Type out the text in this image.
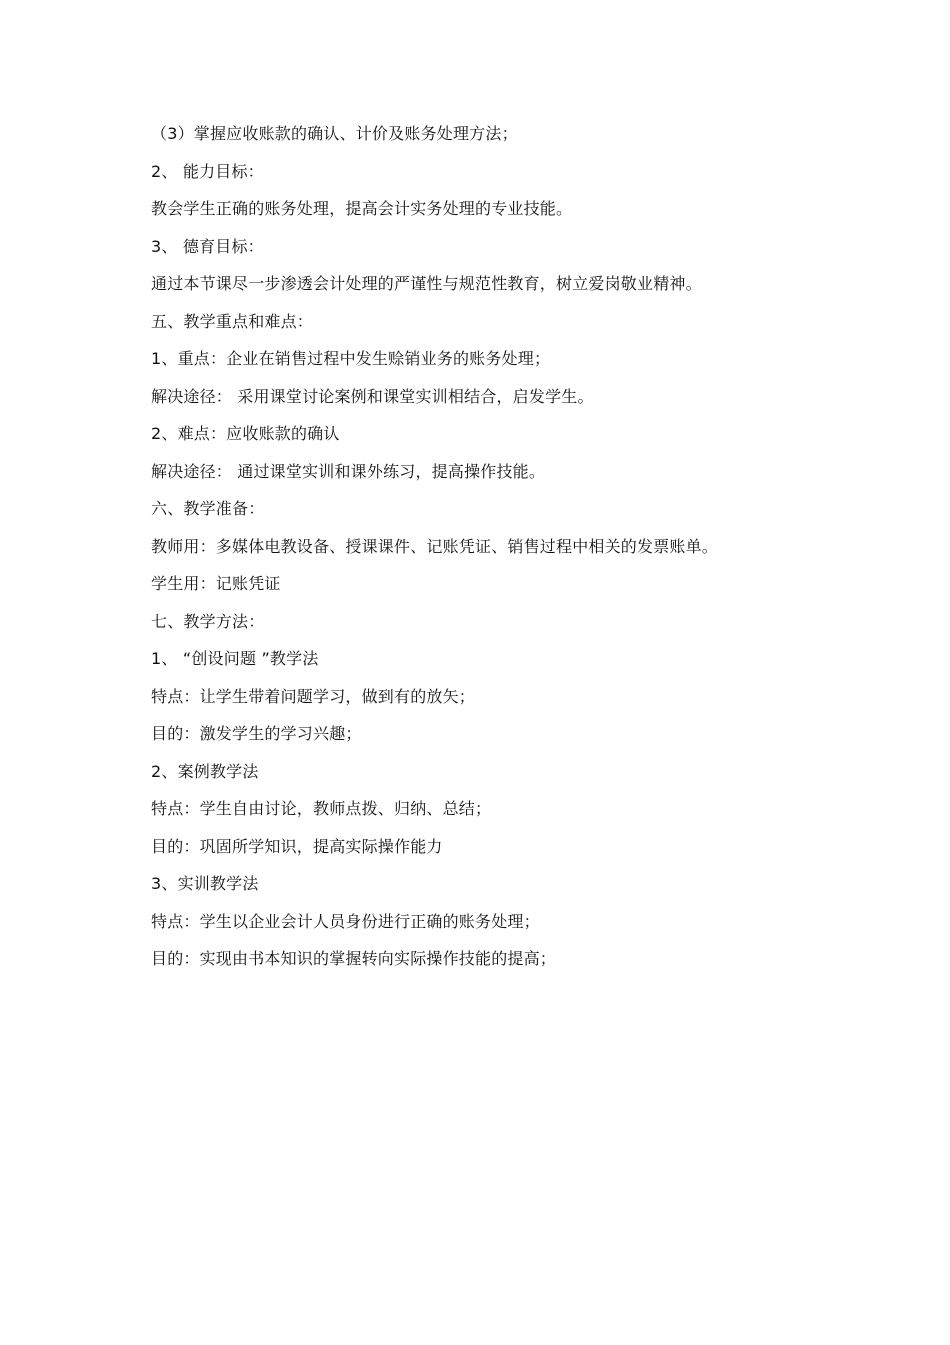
（3）掌握应收账款的确认、计价及账务处理方法；
2、 能力目标：
教会学生正确的账务处理，提高会计实务处理的专业技能。
3、 德育目标：
通过本节课尽一步渗透会计处理的严谨性与规范性教育，树立爱岗敬业精神。
五、教学重点和难点：
1、重点：企业在销售过程中发生赊销业务的账务处理；
解决途径： 采用课堂讨论案例和课堂实训相结合，启发学生。
2、难点：应收账款的确认
解决途径： 通过课堂实训和课外练习，提高操作技能。
六、教学准备：
教师用：多媒体电教设备、授课课件、记账凭证、销售过程中相关的发票账单。
学生用：记账凭证
七、教学方法：
1、 “创设问题 ”教学法
特点：让学生带着问题学习，做到有的放矢；
目的：激发学生的学习兴趣；
2、案例教学法
特点：学生自由讨论，教师点拨、归纳、总结；
目的：巩固所学知识，提高实际操作能力
3、实训教学法
特点：学生以企业会计人员身份进行正确的账务处理；
目的：实现由书本知识的掌握转向实际操作技能的提高；
